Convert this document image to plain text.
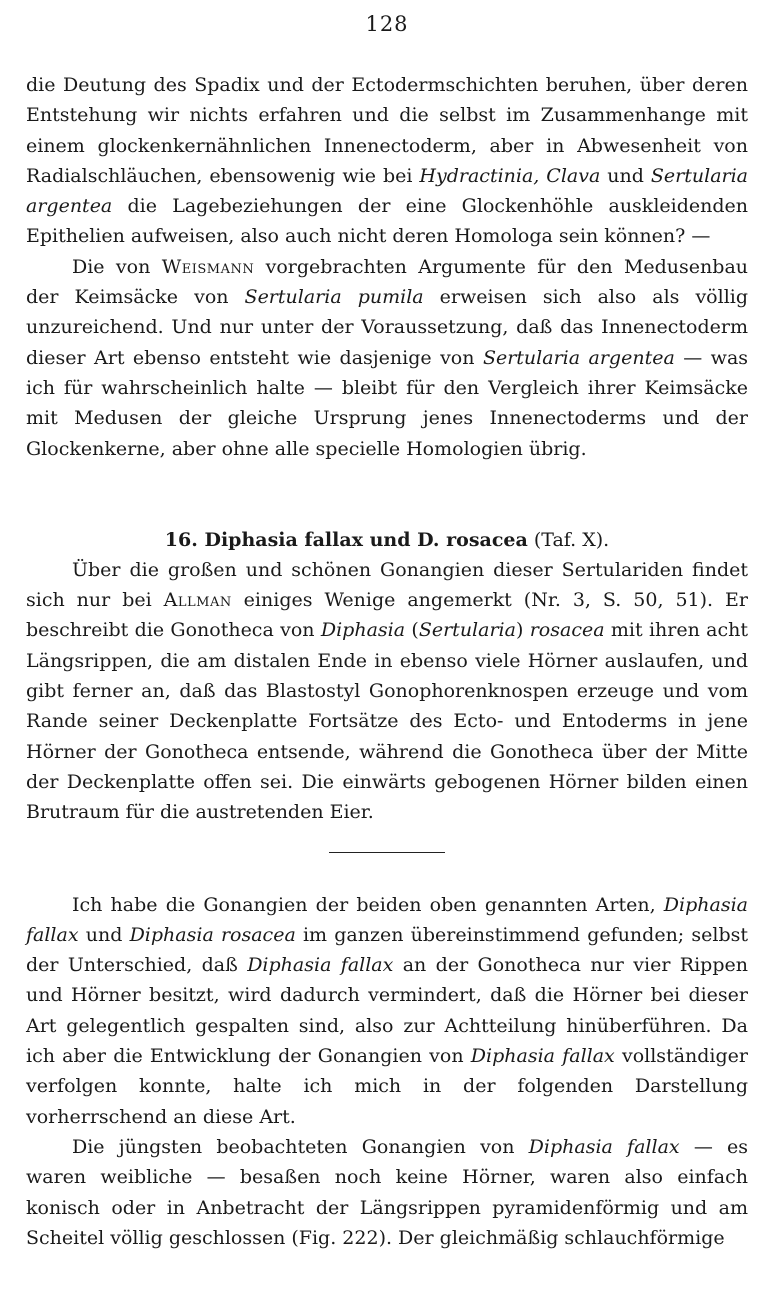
128

die Deutung des Spadix und der Ectodermschichten beruhen, über deren Entstehung wir nichts erfahren und die selbst im Zusammenhange mit einem glockenkernähnlichen Innenectoderm, aber in Abwesenheit von Radialschläuchen, ebensowenig wie bei Hydractinia, Clava und Sertularia argentea die Lagebeziehungen der eine Glockenhöhle auskleidenden Epithelien aufweisen, also auch nicht deren Homologa sein können? —

Die von Weismann vorgebrachten Argumente für den Medusenbau der Keimsäcke von Sertularia pumila erweisen sich also als völlig unzureichend. Und nur unter der Voraussetzung, daß das Innenectoderm dieser Art ebenso entsteht wie dasjenige von Sertularia argentea — was ich für wahrscheinlich halte — bleibt für den Vergleich ihrer Keimsäcke mit Medusen der gleiche Ursprung jenes Innenectoderms und der Glockenkerne, aber ohne alle specielle Homologien übrig.

16. Diphasia fallax und D. rosacea (Taf. X).

Über die großen und schönen Gonangien dieser Sertulariden findet sich nur bei Allman einiges Wenige angemerkt (Nr. 3, S. 50, 51). Er beschreibt die Gonotheca von Diphasia (Sertularia) rosacea mit ihren acht Längsrippen, die am distalen Ende in ebenso viele Hörner auslaufen, und gibt ferner an, daß das Blastostyl Gonophorenknospen erzeuge und vom Rande seiner Deckenplatte Fortsätze des Ecto- und Entoderms in jene Hörner der Gonotheca entsende, während die Gonotheca über der Mitte der Deckenplatte offen sei. Die einwärts gebogenen Hörner bilden einen Brutraum für die austretenden Eier.

Ich habe die Gonangien der beiden oben genannten Arten, Diphasia fallax und Diphasia rosacea im ganzen übereinstimmend gefunden; selbst der Unterschied, daß Diphasia fallax an der Gonotheca nur vier Rippen und Hörner besitzt, wird dadurch vermindert, daß die Hörner bei dieser Art gelegentlich gespalten sind, also zur Achtteilung hinüberführen. Da ich aber die Entwicklung der Gonangien von Diphasia fallax vollständiger verfolgen konnte, halte ich mich in der folgenden Darstellung vorherrschend an diese Art.

Die jüngsten beobachteten Gonangien von Diphasia fallax — es waren weibliche — besaßen noch keine Hörner, waren also einfach konisch oder in Anbetracht der Längsrippen pyramidenförmig und am Scheitel völlig geschlossen (Fig. 222). Der gleichmäßig schlauchförmige
